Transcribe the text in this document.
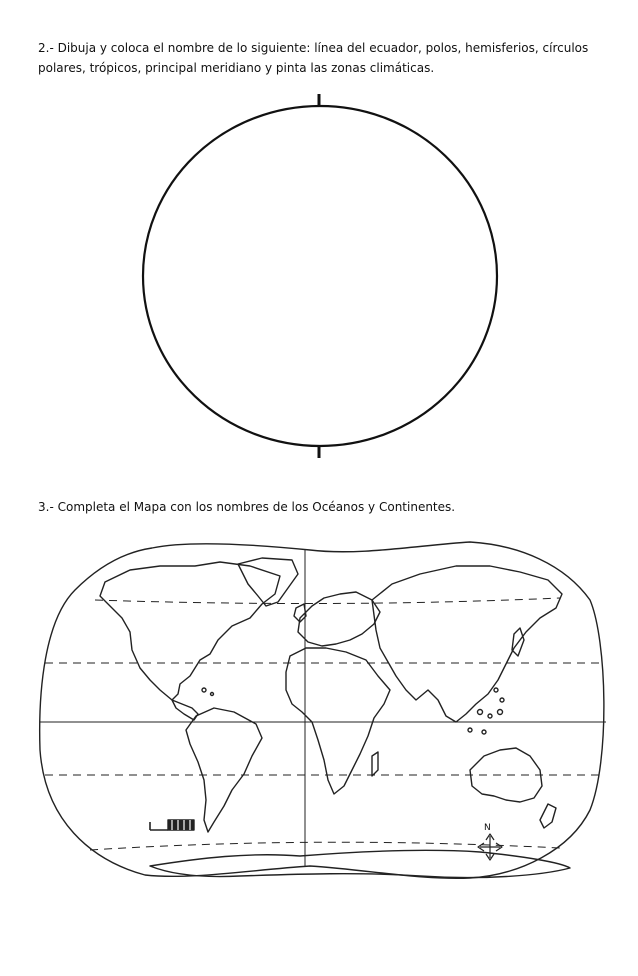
2.- Dibuja y coloca el nombre de lo siguiente: línea del ecuador, polos, hemisferios, círculos
polares, trópicos, principal meridiano y pinta las zonas climáticas.
N
3.- Completa el Mapa con los nombres de los Océanos y Continentes.
